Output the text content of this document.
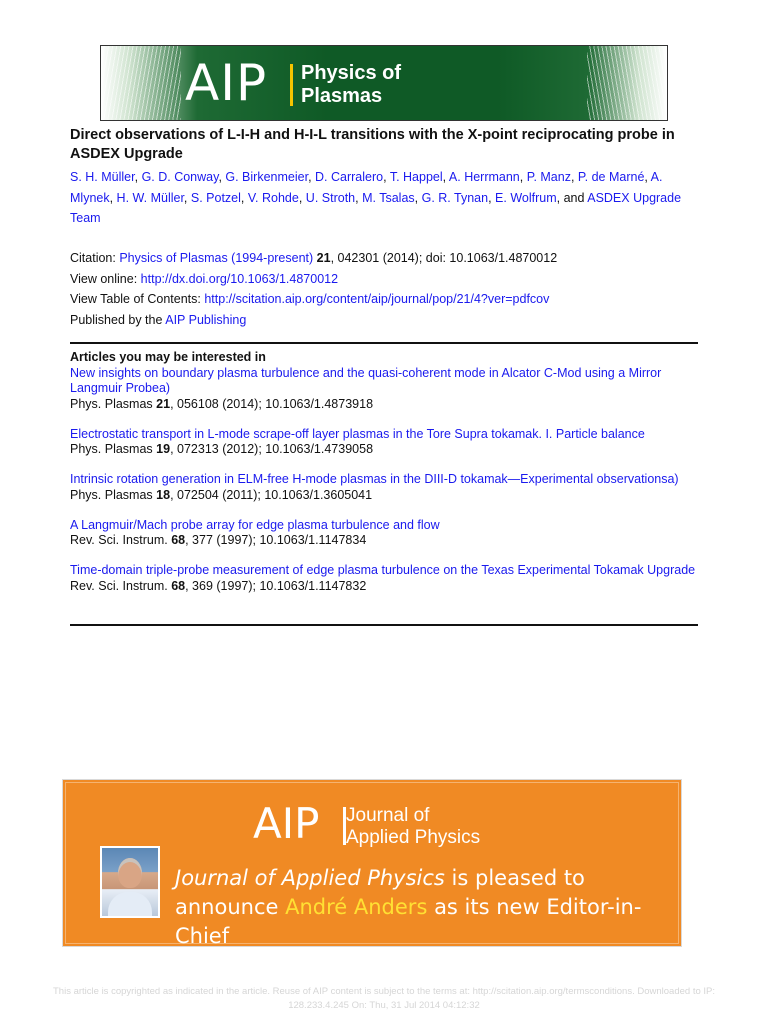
AIP Physics of
Plasmas
Direct observations of L-I-H and H-I-L transitions with the X-point reciprocating probe in ASDEX Upgrade
S. H. Müller, G. D. Conway, G. Birkenmeier, D. Carralero, T. Happel, A. Herrmann, P. Manz, P. de Marné, A. Mlynek, H. W. Müller, S. Potzel, V. Rohde, U. Stroth, M. Tsalas, G. R. Tynan, E. Wolfrum, and ASDEX Upgrade Team
Citation: Physics of Plasmas (1994-present) 21, 042301 (2014); doi: 10.1063/1.4870012
View online: http://dx.doi.org/10.1063/1.4870012
View Table of Contents: http://scitation.aip.org/content/aip/journal/pop/21/4?ver=pdfcov
Published by the AIP Publishing
Articles you may be interested in
New insights on boundary plasma turbulence and the quasi-coherent mode in Alcator C-Mod using a Mirror Langmuir Probea)
Phys. Plasmas 21, 056108 (2014); 10.1063/1.4873918
Electrostatic transport in L-mode scrape-off layer plasmas in the Tore Supra tokamak. I. Particle balance
Phys. Plasmas 19, 072313 (2012); 10.1063/1.4739058
Intrinsic rotation generation in ELM-free H-mode plasmas in the DIII-D tokamak—Experimental observationsa)
Phys. Plasmas 18, 072504 (2011); 10.1063/1.3605041
A Langmuir/Mach probe array for edge plasma turbulence and flow
Rev. Sci. Instrum. 68, 377 (1997); 10.1063/1.1147834
Time-domain triple-probe measurement of edge plasma turbulence on the Texas Experimental Tokamak Upgrade
Rev. Sci. Instrum. 68, 369 (1997); 10.1063/1.1147832
AIP Journal of
Applied Physics
Journal of Applied Physics is pleased to announce André Anders as its new Editor-in-Chief
This article is copyrighted as indicated in the article. Reuse of AIP content is subject to the terms at: http://scitation.aip.org/termsconditions. Downloaded to IP:
128.233.4.245 On: Thu, 31 Jul 2014 04:12:32
